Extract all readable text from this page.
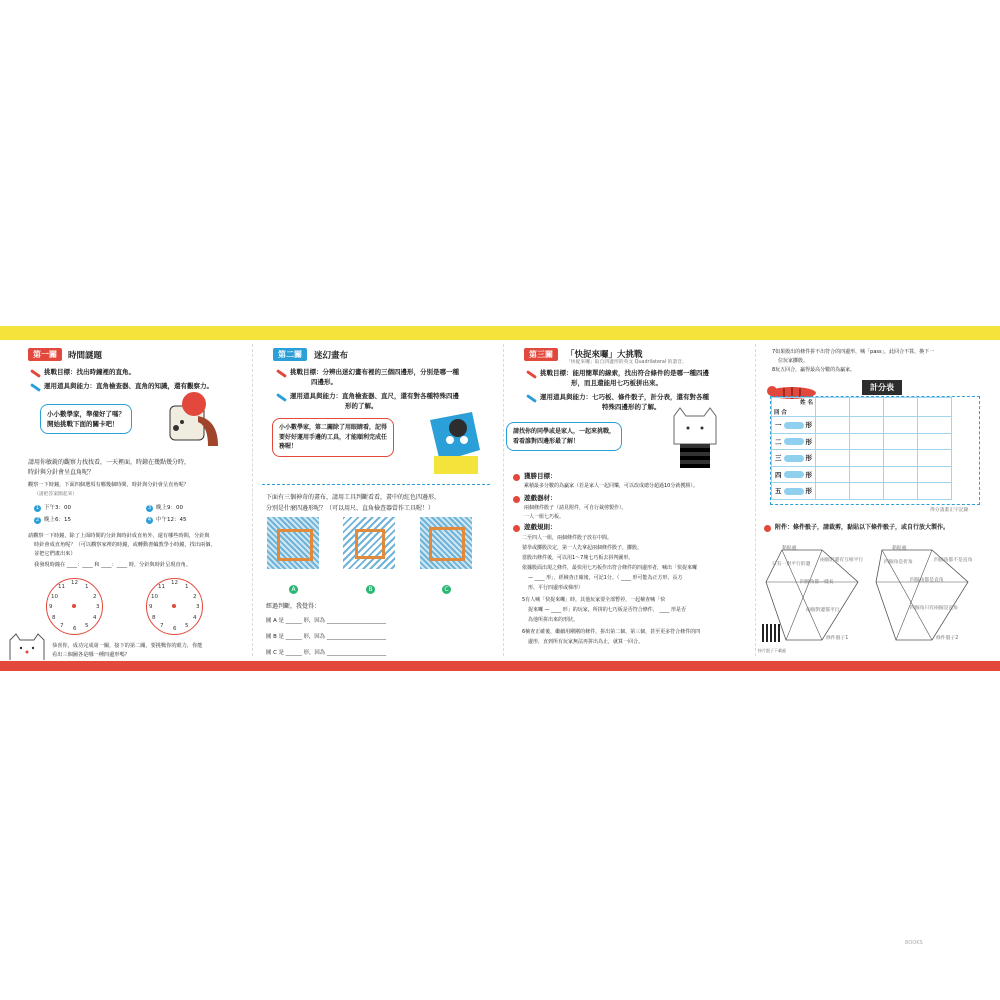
第一關	時間謎題
挑戰目標：找出時鐘裡的直角。
運用道具與能力：直角檢查器、直角的知識，還有觀察力。
小小數學家，準備好了嗎？
開始挑戰下面的關卡吧！
請用你敏銳的觀察力找找看，一天裡面，時鐘在幾點幾分時，
時針與分針會呈直角呢？
觀察一下時鐘，下面四個選項有哪幾個時間，時針與分針會呈直角呢？
（請把答案圈起來）
1 下午3：00	3 晚上9：00
2 晚上6：15	4 中午12：45
請觀察一下時鐘，除了上面時間的分針與時針成直角外，還有哪些時間，分針與
時針會成直角呢？（可以觀察家裡的時鐘，或轉動書輪教學小時鐘，找出兩個，
並把它們畫出來）
我發現時鐘在 ____：____ 和 ____：____ 時，分針與時針呈現直角。
12
1
2
3
4
5
6
7
8
9
10
11
12
1
2
3
4
5
6
7
8
9
10
11
恭喜你，成功完成第一關，接下的第二關，要挑戰你的眼力，你能
看出三個圖各是哪一種四邊形嗎？
第二關	迷幻畫布
挑戰目標：分辨出迷幻畫布裡的三個四邊形，分別是哪一種
四邊形。
運用道具與能力：直角檢查器、直尺，還有對各種特殊四邊
形的了解。
小小數學家，第二關除了用眼睛看，記得
要好好運用手邊的工具，才能順利完成任
務喔！
下面有三個神奇的畫布，請用工具判斷看看，畫中的紅色四邊形，
分別是什麼四邊形呢？（可以用尺、直角檢查器當作工具喔！）
A	B	C
經過判斷，我覺得：
圖 A 是 ______ 形，因為 ______________________
圖 B 是 ______ 形，因為 ______________________
圖 C 是 ______ 形，因為 ______________________
第三關	「快捉來囉」大挑戰
「快捉來囉」取自四邊形的英文 Quadrilateral 的諧音。
挑戰目標：能用簡單的線索，找出符合條件的是哪一種四邊
形，而且還能用七巧板拼出來。
運用道具與能力：七巧板、條件骰子，計分表，還有對各種
特殊四邊形的了解。
請找你的同學或是家人，一起來挑戰，
看看誰對四邊形最了解！
獲勝目標：
累積最多分數的為贏家（若是家人一起同樂，可以改成總分超過10分就獲勝）。
遊戲器材：
兩個條件骰子（請見附件，可自行裁剪製作）。
一人一組七巧板。
遊戲規則：
二至四人一組，兩個條件骰子放在中間。
猜拳或擲骰決定，第一人先拿起兩個條件骰子，擲骰。
當骰出條件後，可以用1～7塊七巧板去拼判圖形。
依據骰面出現之條件，最快用七巧板作出符合條件的四邊形者，喊出「快捉來囉
— ____ 形」，經檢查正確後，可記1分。（ ____ 形可能為正方形、長方
形、平行四邊形或梯形）
5有人喊「快捉來囉」時，其他玩家要全部暫停，一起檢查喊「快
捉來囉 — ____ 形」的玩家，所拼的七巧板是否符合條件， ____ 形是否
為他所拼出來的形狀。
6檢查正確後，繼續用剛剛的條件，拼出第二個、第三個，甚至更多符合條件的四
邊形，直到所有玩家無法再拼出為止，就算一回合。
7如果骰出的條件拼不出符合的四邊形，喊「pass」，此回合不算，換下一
位玩家擲骰。
8玩五回合，贏得最高分數的為贏家。
計分表
姓 名
回 合				

一 形				
二 形				
三 形				
四 形				
五 形				
得分請畫正字記錄
附件：條件骰子，請裁剪，黏貼以下條件骰子，或自行放大製作。
黏貼處
只有一對平行的邊
兩個對邊有互相平行
四個角都一樣長
兩個對邊都平行
黏貼處
四個角是折角	四個角都不是直角
四個角都是直角
四個角只有兩個是直角
按片骰子下載處
條件骰子1	條件骰子2
BOOKS
